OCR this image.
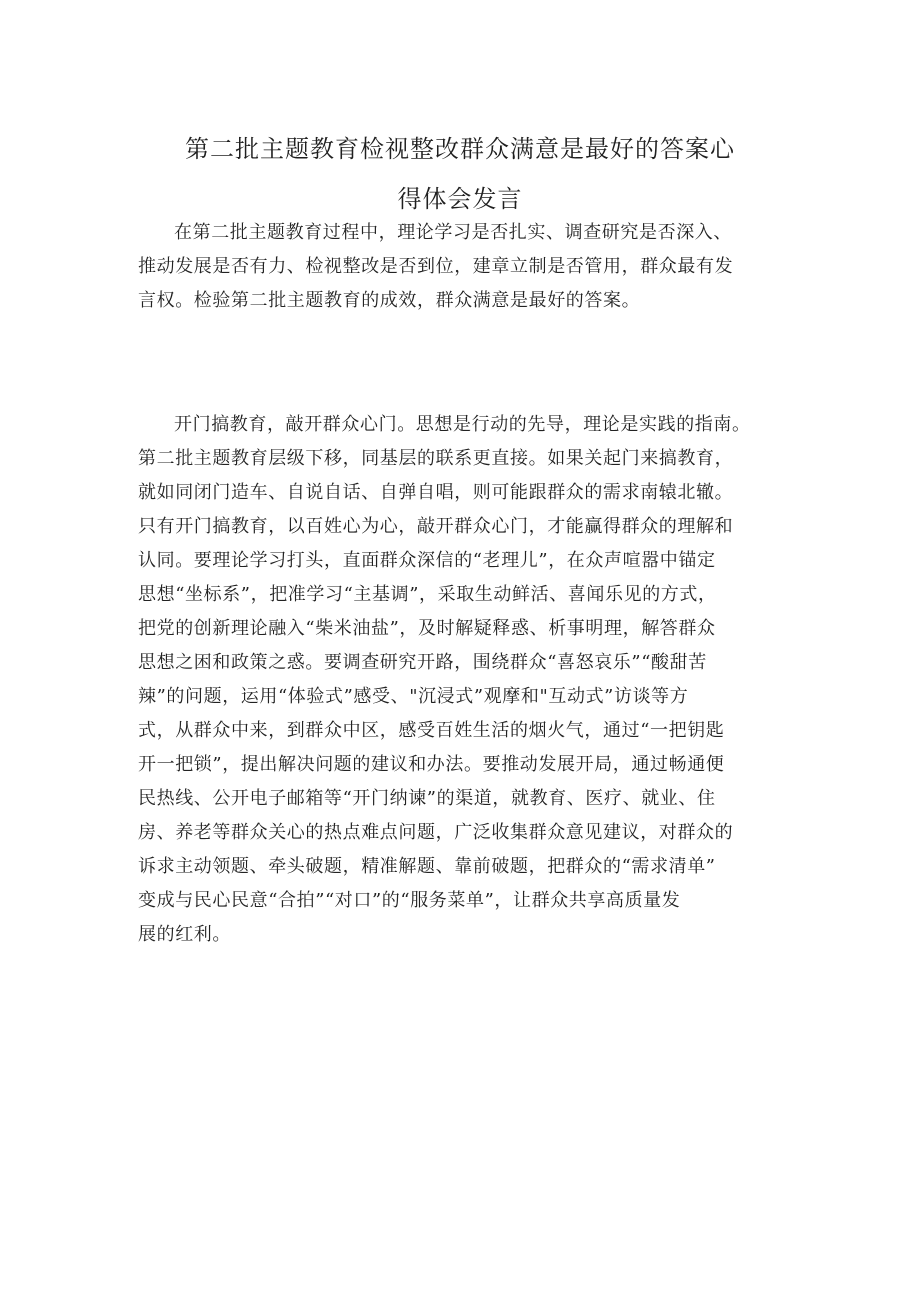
第二批主题教育检视整改群众满意是最好的答案心
得体会发言
在第二批主题教育过程中，理论学习是否扎实、调查研究是否深入、
推动发展是否有力、检视整改是否到位，建章立制是否管用，群众最有发
言权。检验第二批主题教育的成效，群众满意是最好的答案。
开门搞教育，敲开群众心门。思想是行动的先导，理论是实践的指南。
第二批主题教育层级下移，同基层的联系更直接。如果关起门来搞教育，
就如同闭门造车、自说自话、自弹自唱，则可能跟群众的需求南辕北辙。
只有开门搞教育，以百姓心为心，敲开群众心门，才能赢得群众的理解和
认同。要理论学习打头，直面群众深信的“老理儿”，在众声喧嚣中锚定
思想“坐标系”，把准学习“主基调”，采取生动鲜活、喜闻乐见的方式，
把党的创新理论融入“柴米油盐”，及时解疑释惑、析事明理，解答群众
思想之困和政策之惑。要调查研究开路，围绕群众“喜怒哀乐”“酸甜苦
辣”的问题，运用“体验式”感受、"沉浸式”观摩和"互动式”访谈等方
式，从群众中来，到群众中区，感受百姓生活的烟火气，通过“一把钥匙
开一把锁”，提出解决问题的建议和办法。要推动发展开局，通过畅通便
民热线、公开电子邮箱等“开门纳谏”的渠道，就教育、医疗、就业、住
房、养老等群众关心的热点难点问题，广泛收集群众意见建议，对群众的
诉求主动领题、牵头破题，精准解题、靠前破题，把群众的“需求清单”
变成与民心民意“合拍”“对口”的“服务菜单”，让群众共享高质量发
展的红利。
